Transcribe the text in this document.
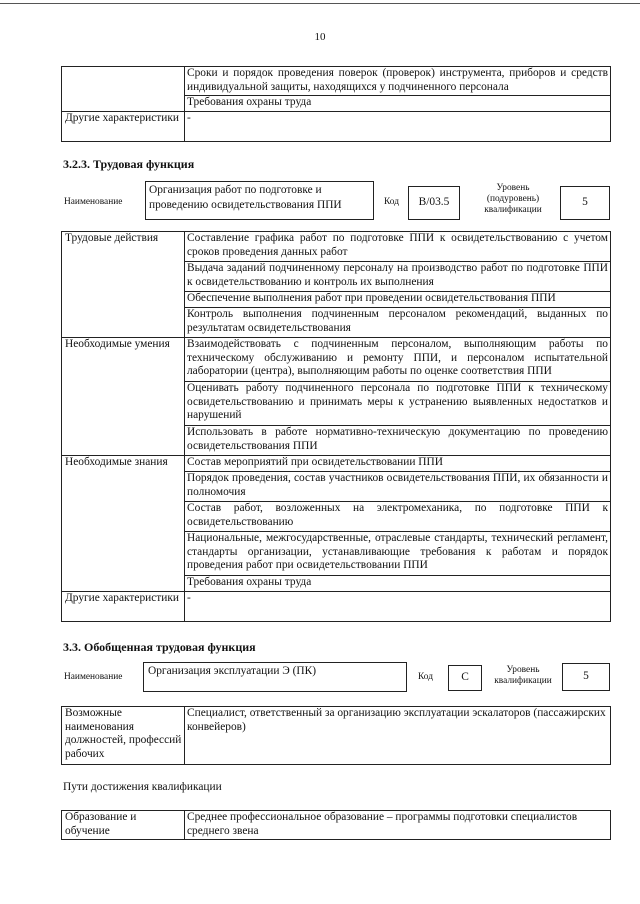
10
	Сроки и порядок проведения поверок (проверок) инструмента, приборов и средств индивидуальной защиты, находящихся у подчиненного персонала
	Требования охраны труда
Другие характеристики	-
3.2.3. Трудовая функция
Наименование
Организация работ по подготовке и проведению освидетельствования ППИ	Код	B/03.5
Уровень (подуровень) квалификации
5
Трудовые действия	Составление графика работ по подготовке ППИ к освидетельствованию с учетом сроков проведения данных работ
	Выдача заданий подчиненному персоналу на производство работ по подготовке ППИ к освидетельствованию и контроль их выполнения
	Обеспечение выполнения работ при проведении освидетельствования ППИ
	Контроль выполнения подчиненным персоналом рекомендаций, выданных по результатам освидетельствования
Необходимые умения	Взаимодействовать с подчиненным персоналом, выполняющим работы по техническому обслуживанию и ремонту ППИ, и персоналом испытательной лаборатории (центра), выполняющим работы по оценке соответствия ППИ
	Оценивать работу подчиненного персонала по подготовке ППИ к техническому освидетельствованию и принимать меры к устранению выявленных недостатков и нарушений
	Использовать в работе нормативно-техническую документацию по проведению освидетельствования ППИ
Необходимые знания	Состав мероприятий при освидетельствовании ППИ
	Порядок проведения, состав участников освидетельствования ППИ, их обязанности и полномочия
	Состав работ, возложенных на электромеханика, по подготовке ППИ к освидетельствованию
	Национальные, межгосударственные, отраслевые стандарты, технический регламент, стандарты организации, устанавливающие требования к работам и порядок проведения работ при освидетельствовании ППИ
	Требования охраны труда
Другие характеристики	-
3.3. Обобщенная трудовая функция
Наименование	Организация эксплуатации Э (ПК)	Код	C
Уровень квалификации	5
Возможные наименования должностей, профессий рабочих	Специалист, ответственный за организацию эксплуатации эскалаторов (пассажирских конвейеров)
Пути достижения квалификации
Образование и обучение	Среднее профессиональное образование – программы подготовки специалистов среднего звена
